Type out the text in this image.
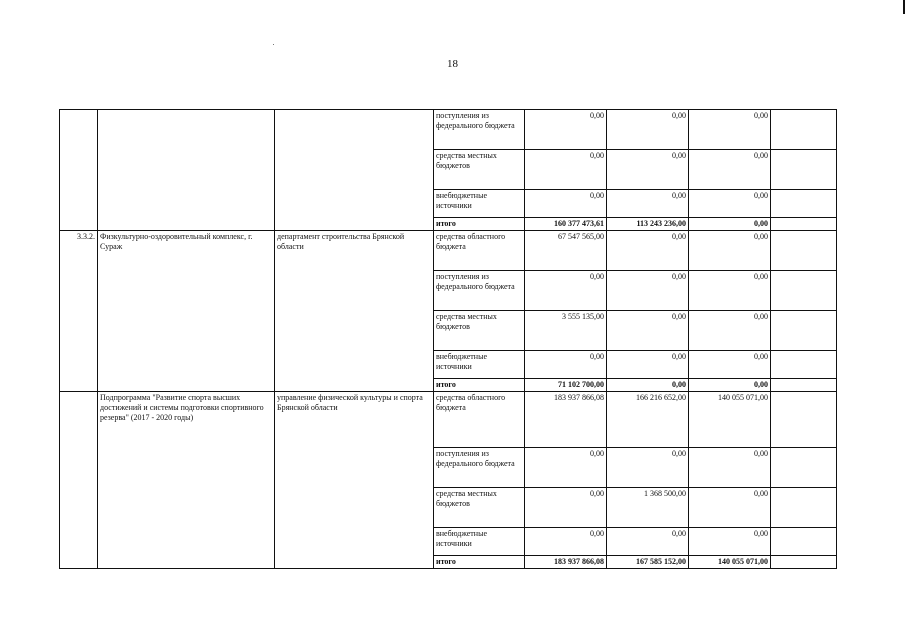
18
			поступления из федерального бюджета	0,00	0,00	0,00	
			средства местных бюджетов	0,00	0,00	0,00	
			внебюджетные источники	0,00	0,00	0,00	
			итого	160 377 473,61	113 243 236,00	0,00	
3.3.2.	Физкультурно-оздоровительный комплекс, г. Сураж	департамент строительства Брянской области	средства областного бюджета	67 547 565,00	0,00	0,00	
			поступления из федерального бюджета	0,00	0,00	0,00	
			средства местных бюджетов	3 555 135,00	0,00	0,00	
			внебюджетные источники	0,00	0,00	0,00	
			итого	71 102 700,00	0,00	0,00	
	Подпрограмма "Развитие спорта высших достижений и системы подготовки спортивного резерва" (2017 - 2020 годы)	управление физической культуры и спорта Брянской области	средства областного бюджета	183 937 866,08	166 216 652,00	140 055 071,00	
			поступления из федерального бюджета	0,00	0,00	0,00	
			средства местных бюджетов	0,00	1 368 500,00	0,00	
			внебюджетные источники	0,00	0,00	0,00	
			итого	183 937 866,08	167 585 152,00	140 055 071,00	
